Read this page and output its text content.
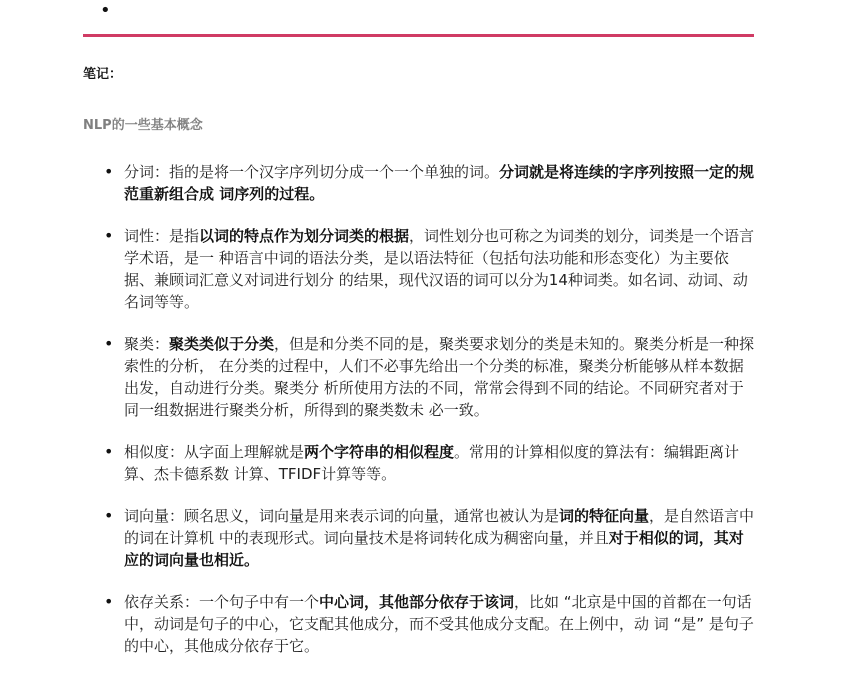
•
笔记：
NLP的一些基本概念
• 分词：指的是将一个汉字序列切分成一个一个单独的词。分词就是将连续的字序列按照一定的规范重新组合成 词序列的过程。
• 词性：是指以词的特点作为划分词类的根据，词性划分也可称之为词类的划分，词类是一个语言学术语，是一 种语言中词的语法分类，是以语法特征（包括句法功能和形态变化）为主要依据、兼顾词汇意义对词进行划分 的结果，现代汉语的词可以分为14种词类。如名词、动词、动名词等等。
• 聚类：聚类类似于分类，但是和分类不同的是，聚类要求划分的类是未知的。聚类分析是一种探索性的分析， 在分类的过程中，人们不必事先给出一个分类的标准，聚类分析能够从样本数据出发，自动进行分类。聚类分 析所使用方法的不同，常常会得到不同的结论。不同研究者对于同一组数据进行聚类分析，所得到的聚类数未 必一致。
• 相似度：从字面上理解就是两个字符串的相似程度。常用的计算相似度的算法有：编辑距离计算、杰卡德系数 计算、TFIDF计算等等。
• 词向量：顾名思义，词向量是用来表示词的向量，通常也被认为是词的特征向量，是自然语言中的词在计算机 中的表现形式。词向量技术是将词转化成为稠密向量，并且对于相似的词，其对应的词向量也相近。
• 依存关系：一个句子中有一个中心词，其他部分依存于该词，比如 “北京是中国的首都在一句话中，动词是句子的中心，它支配其他成分，而不受其他成分支配。在上例中，动 词 “是” 是句子的中心，其他成分依存于它。
